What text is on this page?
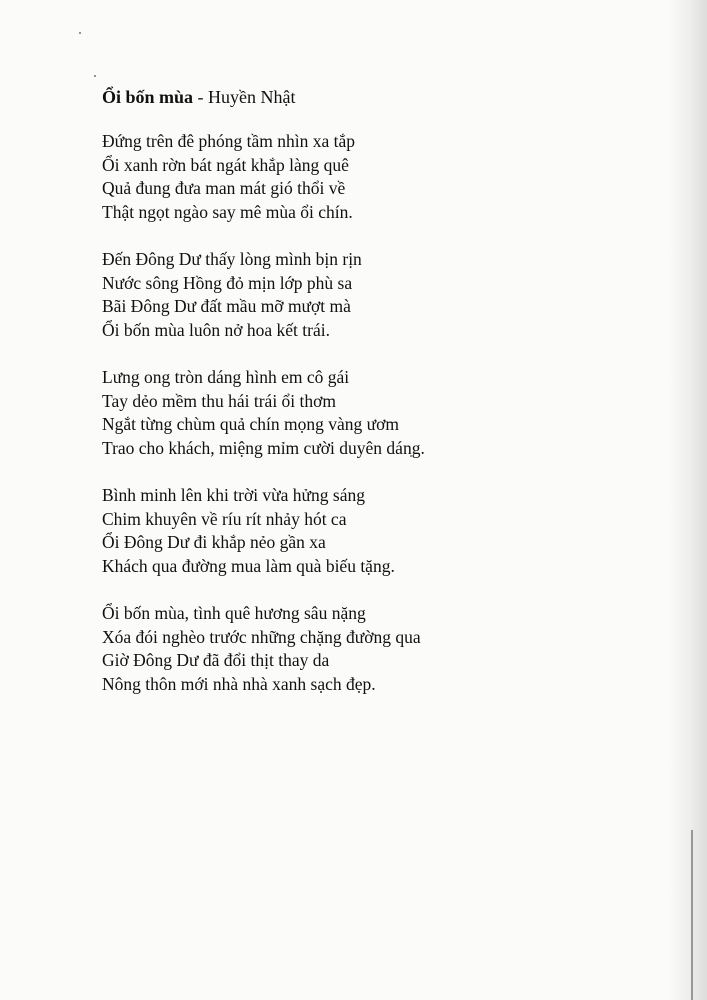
Ổi bốn mùa - Huyền Nhật
Đứng trên đê phóng tầm nhìn xa tắp
Ổi xanh rờn bát ngát khắp làng quê
Quả đung đưa man mát gió thổi về
Thật ngọt ngào say mê mùa ổi chín.
Đến Đông Dư thấy lòng mình bịn rịn
Nước sông Hồng đỏ mịn lớp phù sa
Bãi Đông Dư đất mầu mỡ mượt mà
Ổi bốn mùa luôn nở hoa kết trái.
Lưng ong tròn dáng hình em cô gái
Tay dẻo mềm thu hái trái ổi thơm
Ngắt từng chùm quả chín mọng vàng ươm
Trao cho khách, miệng mỉm cười duyên dáng.
Bình minh lên khi trời vừa hửng sáng
Chim khuyên về ríu rít nhảy hót ca
Ổi Đông Dư đi khắp nẻo gần xa
Khách qua đường mua làm quà biếu tặng.
Ổi bốn mùa, tình quê hương sâu nặng
Xóa đói nghèo trước những chặng đường qua
Giờ Đông Dư đã đổi thịt thay da
Nông thôn mới nhà nhà xanh sạch đẹp.
